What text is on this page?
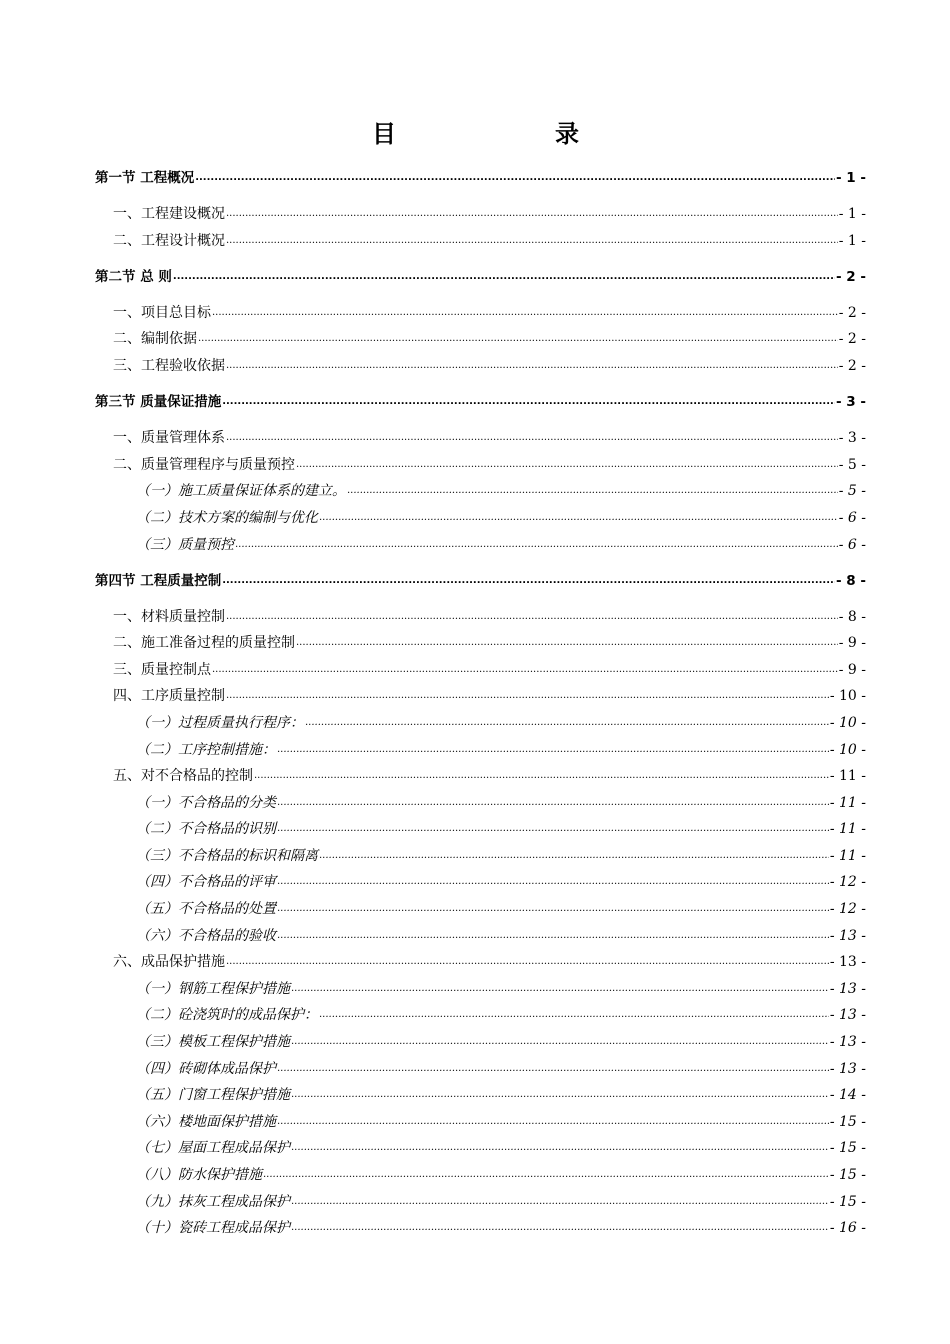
目	录
第一节 工程概况 .....	- 1 -
一、工程建设概况 .....	- 1 -
二、工程设计概况 .....	- 1 -
第二节 总 则 .....	- 2 -
一、项目总目标 .....	- 2 -
二、编制依据 .....	- 2 -
三、工程验收依据 .....	- 2 -
第三节 质量保证措施 .....	- 3 -
一、质量管理体系 .....	- 3 -
二、质量管理程序与质量预控 .....	- 5 -
（一）施工质量保证体系的建立。 .....	- 5 -
（二）技术方案的编制与优化 .....	- 6 -
（三）质量预控 .....	- 6 -
第四节 工程质量控制 .....	- 8 -
一、材料质量控制 .....	- 8 -
二、施工准备过程的质量控制 .....	- 9 -
三、质量控制点 .....	- 9 -
四、工序质量控制 .....	- 10 -
（一）过程质量执行程序： .....	- 10 -
（二）工序控制措施： .....	- 10 -
五、对不合格品的控制 .....	- 11 -
（一）不合格品的分类 .....	- 11 -
（二）不合格品的识别 .....	- 11 -
（三）不合格品的标识和隔离 .....	- 11 -
（四）不合格品的评审 .....	- 12 -
（五）不合格品的处置 .....	- 12 -
（六）不合格品的验收 .....	- 13 -
六、成品保护措施 .....	- 13 -
（一）钢筋工程保护措施 .....	- 13 -
（二）砼浇筑时的成品保护： .....	- 13 -
（三）模板工程保护措施 .....	- 13 -
（四）砖砌体成品保护 .....	- 13 -
（五）门窗工程保护措施 .....	- 14 -
（六）楼地面保护措施 .....	- 15 -
（七）屋面工程成品保护 .....	- 15 -
（八）防水保护措施 .....	- 15 -
（九）抹灰工程成品保护 .....	- 15 -
（十）瓷砖工程成品保护 .....	- 16 -
